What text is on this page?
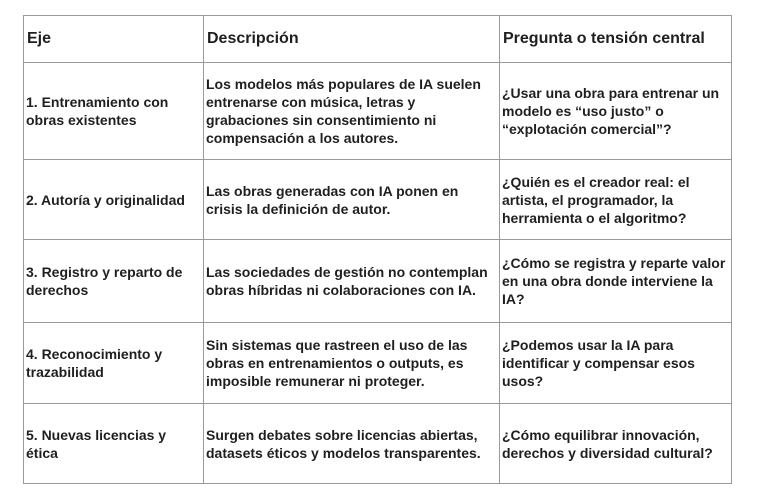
Eje	Descripción	Pregunta o tensión central
1. Entrenamiento con obras existentes	Los modelos más populares de IA suelen entrenarse con música, letras y grabaciones sin consentimiento ni compensación a los autores.	¿Usar una obra para entrenar un modelo es “uso justo” o “explotación comercial”?
2. Autoría y originalidad	Las obras generadas con IA ponen en crisis la definición de autor.	¿Quién es el creador real: el artista, el programador, la herramienta o el algoritmo?
3. Registro y reparto de derechos	Las sociedades de gestión no contemplan obras híbridas ni colaboraciones con IA.	¿Cómo se registra y reparte valor en una obra donde interviene la IA?
4. Reconocimiento y trazabilidad	Sin sistemas que rastreen el uso de las obras en entrenamientos o outputs, es imposible remunerar ni proteger.	¿Podemos usar la IA para identificar y compensar esos usos?
5. Nuevas licencias y ética	Surgen debates sobre licencias abiertas, datasets éticos y modelos transparentes.	¿Cómo equilibrar innovación, derechos y diversidad cultural?
